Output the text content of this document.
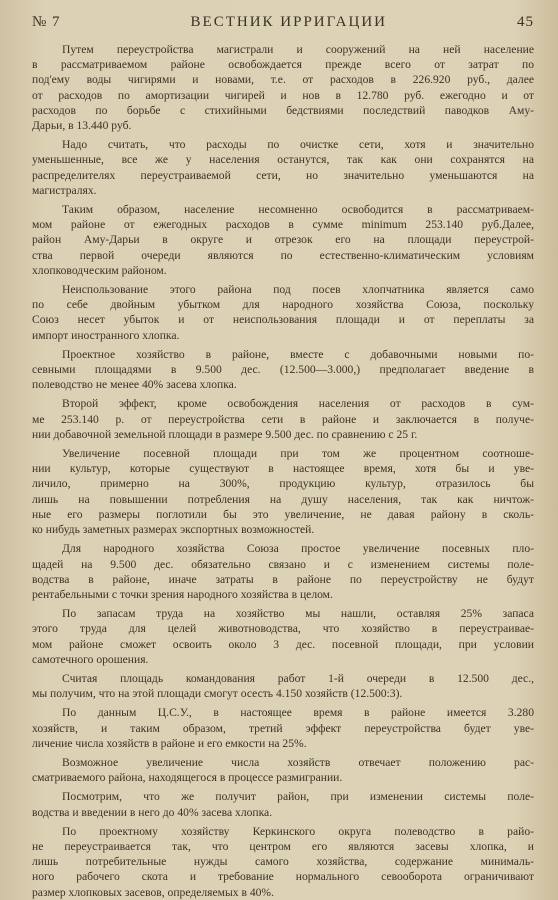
№ 7	ВЕСТНИК ИРРИГАЦИИ	45

Путем переустройства магистрали и сооружений на ней население
в рассматриваемом районе освобождается прежде всего от затрат по
под'ему воды чигирями и новами, т.е. от расходов в 226.920 руб., далее
от расходов по амортизации чигирей и нов в 12.780 руб. ежегодно и от
расходов по борьбе с стихийными бедствиями последствий паводков Аму-
Дарьи, в 13.440 руб.

Надо считать, что расходы по очистке сети, хотя и значительно
уменьшенные, все же у населения останутся, так как они сохранятся на
распределителях переустраиваемой сети, но значительно уменьшаются на
магистралях.

Таким образом, население несомненно освободится в рассматриваем-
мом районе от ежегодных расходов в сумме minimum 253.140 руб.Далее,
район Аму-Дарьи в округе и отрезок его на площади переустрой-
ства первой очереди являются по естественно-климатическим условиям
хлопководческим районом.

Неиспользование этого района под посев хлопчатника является само
по себе двойным убытком для народного хозяйства Союза, поскольку
Союз несет убыток и от неиспользования площади и от переплаты за
импорт иностранного хлопка.

Проектное хозяйство в районе, вместе с добавочными новыми по-
севными площадями в 9.500 дес. (12.500—3.000,) предполагает введение в
полеводство не менее 40% засева хлопка.

Второй эффект, кроме освобождения населения от расходов в сум-
ме 253.140 р. от переустройства сети в районе и заключается в получе-
нии добавочной земельной площади в размере 9.500 дес. по сравнению с 25 г.

Увеличение посевной площади при том же процентном соотноше-
нии культур, которые существуют в настоящее время, хотя бы и уве-
личило, примерно на 300%, продукцию культур, отразилось бы
лишь на повышении потребления на душу населения, так как ничтож-
ные его размеры поглотили бы это увеличение, не давая району в сколь-
ко нибудь заметных размерах экспортных возможностей.

Для народного хозяйства Союза простое увеличение посевных пло-
щадей на 9.500 дес. обязательно связано и с изменением системы поле-
водства в районе, иначе затраты в районе по переустройству не будут
рентабельными с точки зрения народного хозяйства в целом.

По запасам труда на хозяйство мы нашли, оставляя 25% запаса
этого труда для целей животноводства, что хозяйство в переустраивае-
мом районе сможет освоить около 3 дес. посевной площади, при условии
самотечного орошения.

Считая площадь командования работ 1-й очереди в 12.500 дес.,
мы получим, что на этой площади смогут осесть 4.150 хозяйств (12.500:3).

По данным Ц.С.У., в настоящее время в районе имеется 3.280
хозяйств, и таким образом, третий эффект переустройства будет уве-
личение числа хозяйств в районе и его емкости на 25%.

Возможное увеличение числа хозяйств отвечает положению рас-
сматриваемого района, находящегося в процессе размигрании.

Посмотрим, что же получит район, при изменении системы поле-
водства и введении в него до 40% засева хлопка.

По проектному хозяйству Керкинского округа полеводство в райо-
не переустраивается так, что центром его являются засевы хлопка, и
лишь потребительные нужды самого хозяйства, содержание минималь-
ного рабочего скота и требование нормального севооборота ограничивают
размер хлопковых засевов, определяемых в 40%.
